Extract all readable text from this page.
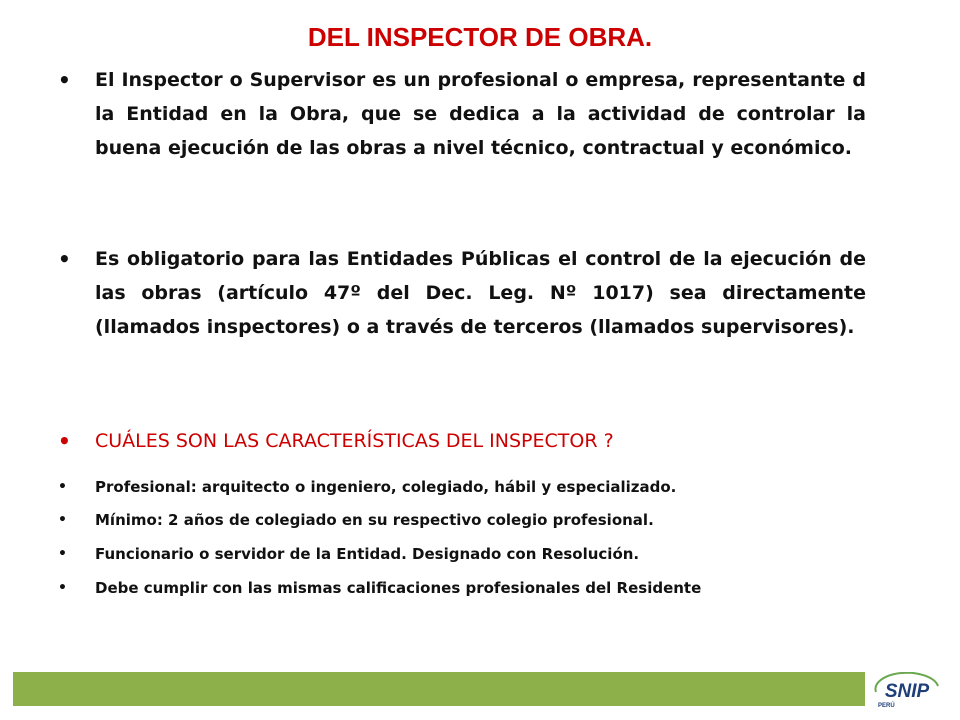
DEL INSPECTOR DE OBRA.
• El Inspector o Supervisor es un profesional o empresa, representante d la Entidad en la Obra, que se dedica a la actividad de controlar la buena ejecución de las obras a nivel técnico, contractual y económico.
• Es obligatorio para las Entidades Públicas el control de la ejecución de las obras (artículo 47º del Dec. Leg. Nº 1017) sea directamente (llamados inspectores) o a través de terceros (llamados supervisores).
• CUÁLES SON LAS CARACTERÍSTICAS DEL INSPECTOR ?
• Profesional: arquitecto o ingeniero, colegiado, hábil y especializado.
• Mínimo: 2 años de colegiado en su respectivo colegio profesional.
• Funcionario o servidor de la Entidad. Designado con Resolución.
• Debe cumplir con las mismas calificaciones profesionales del Residente
SNIP
PERÚ
